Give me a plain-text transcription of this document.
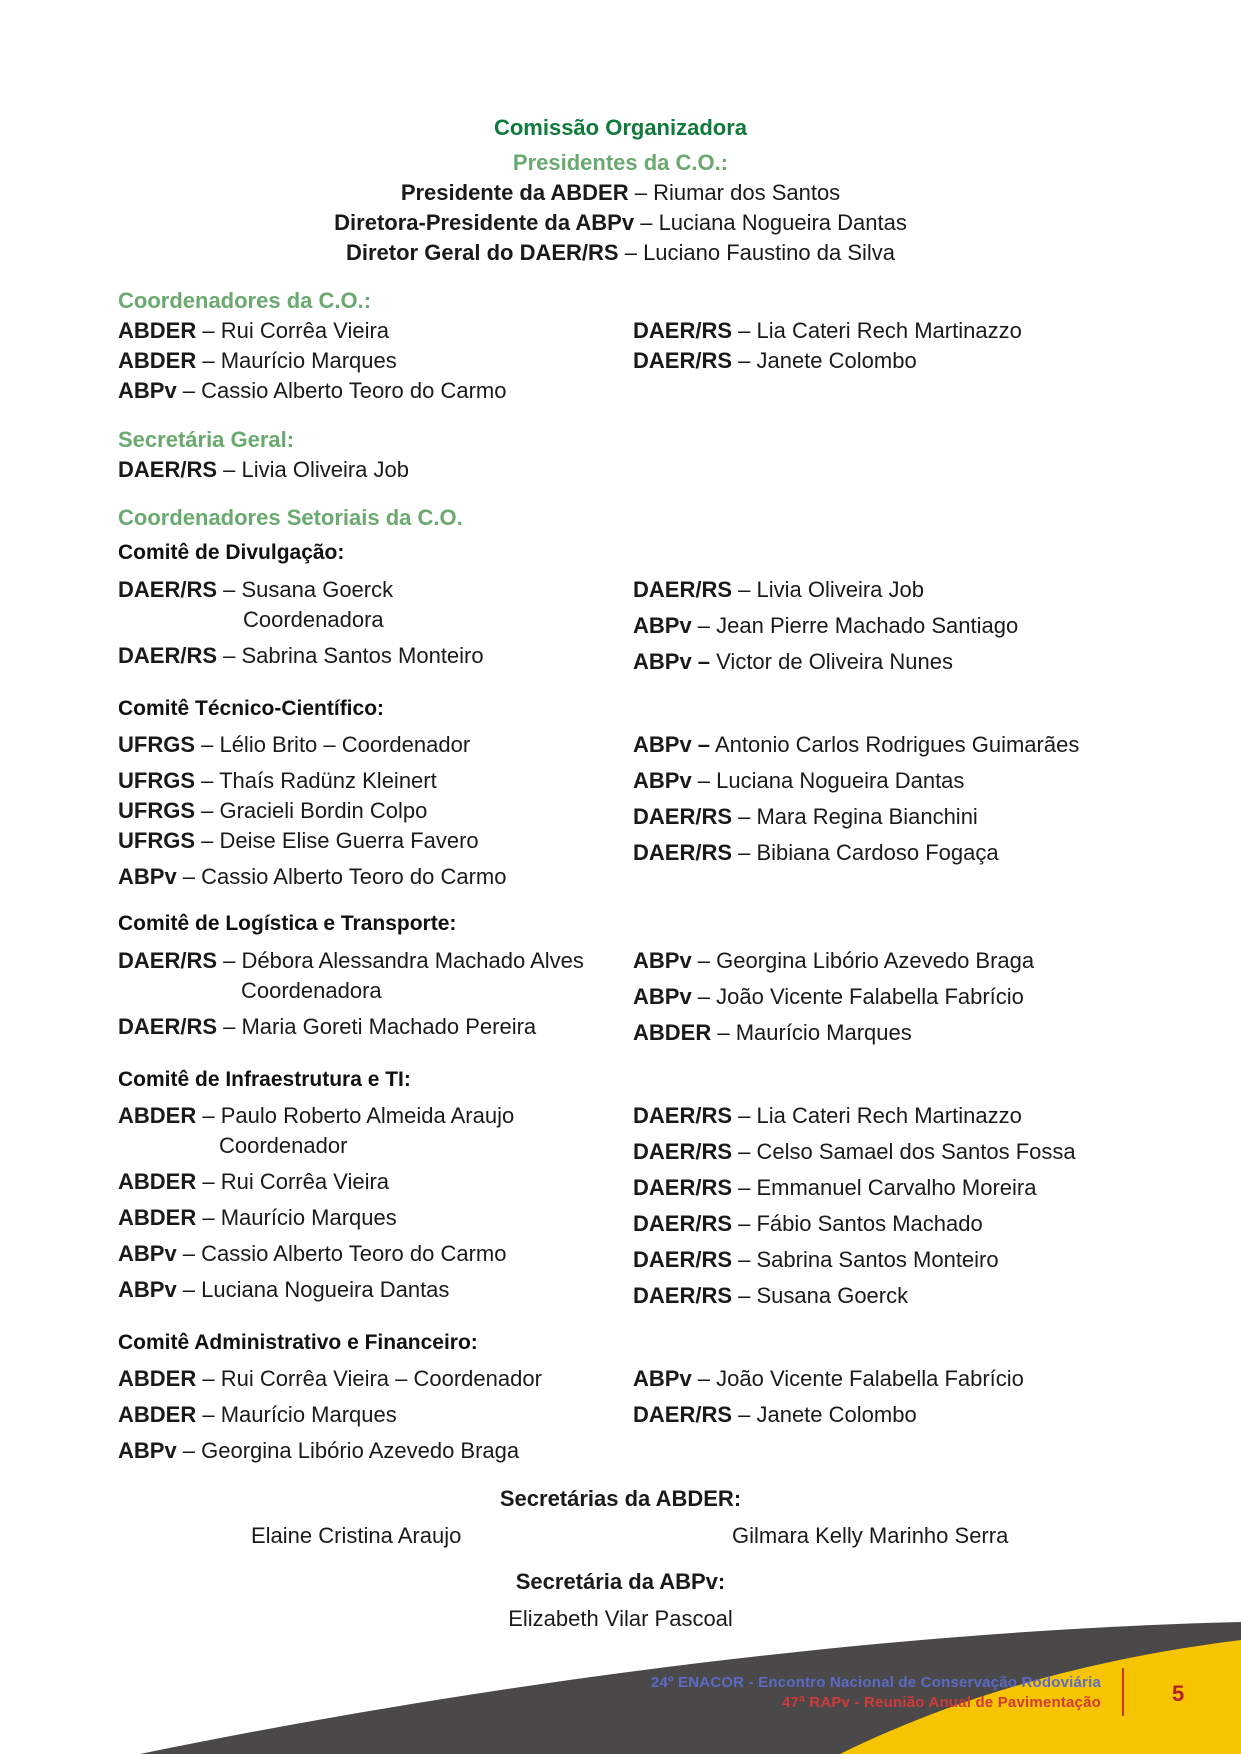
Comissão Organizadora
Presidentes da C.O.:

Presidente da ABDER – Riumar dos Santos

Diretora-Presidente da ABPv – Luciana Nogueira Dantas

Diretor Geral do DAER/RS – Luciano Faustino da Silva

Coordenadores da C.O.:

ABDER – Rui Corrêa Vieira

ABDER – Maurício Marques

ABPv – Cassio Alberto Teoro do Carmo

DAER/RS – Lia Cateri Rech Martinazzo

DAER/RS – Janete Colombo

Secretária Geral:

DAER/RS – Livia Oliveira Job

Coordenadores Setoriais da C.O.
Comitê de Divulgação:

DAER/RS – Susana Goerck

Coordenadora

DAER/RS – Sabrina Santos Monteiro

DAER/RS – Livia Oliveira Job

ABPv – Jean Pierre Machado Santiago

ABPv – Victor de Oliveira Nunes

Comitê Técnico-Científico:

UFRGS – Lélio Brito – Coordenador

UFRGS – Thaís Radünz Kleinert

UFRGS – Gracieli Bordin Colpo

UFRGS – Deise Elise Guerra Favero

ABPv – Cassio Alberto Teoro do Carmo

ABPv – Antonio Carlos Rodrigues Guimarães

ABPv – Luciana Nogueira Dantas

DAER/RS – Mara Regina Bianchini

DAER/RS – Bibiana Cardoso Fogaça

Comitê de Logística e Transporte:

DAER/RS – Débora Alessandra Machado Alves

Coordenadora

DAER/RS – Maria Goreti Machado Pereira

ABPv – Georgina Libório Azevedo Braga

ABPv – João Vicente Falabella Fabrício

ABDER – Maurício Marques

Comitê de Infraestrutura e TI:

ABDER – Paulo Roberto Almeida Araujo

Coordenador

ABDER – Rui Corrêa Vieira

ABDER – Maurício Marques

ABPv – Cassio Alberto Teoro do Carmo

ABPv – Luciana Nogueira Dantas

DAER/RS – Lia Cateri Rech Martinazzo

DAER/RS – Celso Samael dos Santos Fossa

DAER/RS – Emmanuel Carvalho Moreira

DAER/RS – Fábio Santos Machado

DAER/RS – Sabrina Santos Monteiro

DAER/RS – Susana Goerck

Comitê Administrativo e Financeiro:

ABDER – Rui Corrêa Vieira – Coordenador

ABDER – Maurício Marques

ABPv – Georgina Libório Azevedo Braga

ABPv – João Vicente Falabella Fabrício

DAER/RS – Janete Colombo

Secretárias da ABDER:

Elaine Cristina Araujo	Gilmara Kelly Marinho Serra

Secretária da ABPv:

Elizabeth Vilar Pascoal

24º ENACOR - Encontro Nacional de Conservação Rodoviária
47ª RAPv - Reunião Anual de Pavimentação	5
